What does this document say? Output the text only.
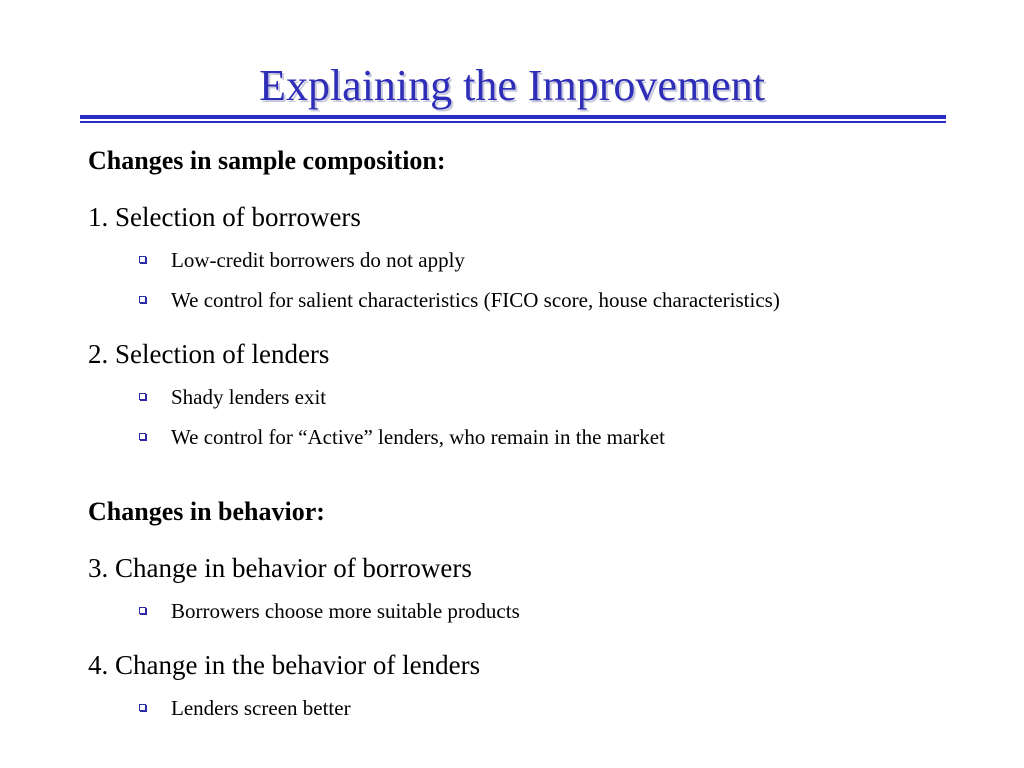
Explaining the Improvement
Changes in sample composition:
1. Selection of borrowers
Low-credit borrowers do not apply
We control for salient characteristics (FICO score, house characteristics)
2. Selection of lenders
Shady lenders exit
We control for “Active” lenders, who remain in the market
Changes in behavior:
3. Change in behavior of borrowers
Borrowers choose more suitable products
4. Change in the behavior of lenders
Lenders screen better
